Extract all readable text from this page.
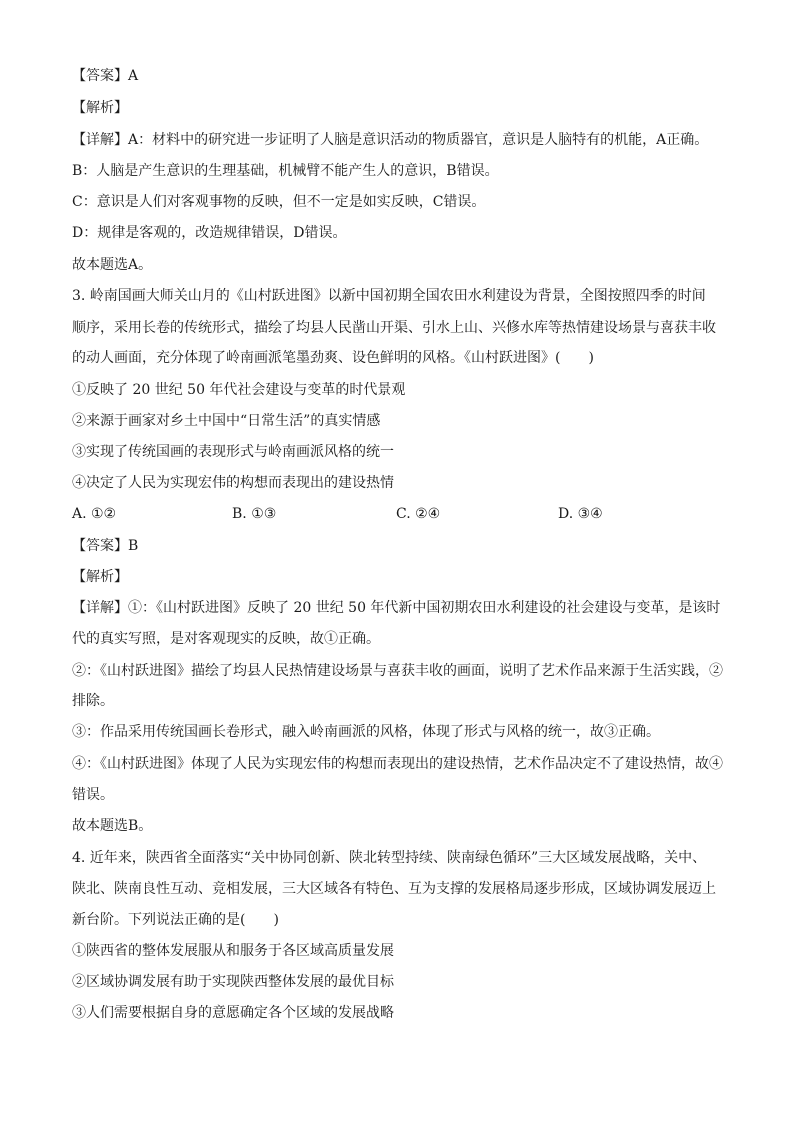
【答案】A
【解析】
【详解】A：材料中的研究进一步证明了人脑是意识活动的物质器官，意识是人脑特有的机能，A正确。
B：人脑是产生意识的生理基础，机械臂不能产生人的意识，B错误。
C：意识是人们对客观事物的反映，但不一定是如实反映，C错误。
D：规律是客观的，改造规律错误，D错误。
故本题选A。
3. 岭南国画大师关山月的《山村跃进图》以新中国初期全国农田水利建设为背景，全图按照四季的时间
顺序，采用长卷的传统形式，描绘了均县人民凿山开渠、引水上山、兴修水库等热情建设场景与喜获丰收
的动人画面，充分体现了岭南画派笔墨劲爽、设色鲜明的风格。《山村跃进图》(　　)
①反映了 20 世纪 50 年代社会建设与变革的时代景观
②来源于画家对乡土中国中“日常生活”的真实情感
③实现了传统国画的表现形式与岭南画派风格的统一
④决定了人民为实现宏伟的构想而表现出的建设热情
A. ①②	B. ①③	C. ②④	D. ③④
【答案】B
【解析】
【详解】①：《山村跃进图》反映了 20 世纪 50 年代新中国初期农田水利建设的社会建设与变革，是该时
代的真实写照，是对客观现实的反映，故①正确。
②：《山村跃进图》描绘了均县人民热情建设场景与喜获丰收的画面，说明了艺术作品来源于生活实践，②
排除。
③：作品采用传统国画长卷形式，融入岭南画派的风格，体现了形式与风格的统一，故③正确。
④：《山村跃进图》体现了人民为实现宏伟的构想而表现出的建设热情，艺术作品决定不了建设热情，故④
错误。
故本题选B。
4. 近年来，陕西省全面落实“关中协同创新、陕北转型持续、陕南绿色循环”三大区域发展战略，关中、
陕北、陕南良性互动、竞相发展，三大区域各有特色、互为支撑的发展格局逐步形成，区域协调发展迈上
新台阶。下列说法正确的是(　　)
①陕西省的整体发展服从和服务于各区域高质量发展
②区域协调发展有助于实现陕西整体发展的最优目标
③人们需要根据自身的意愿确定各个区域的发展战略
